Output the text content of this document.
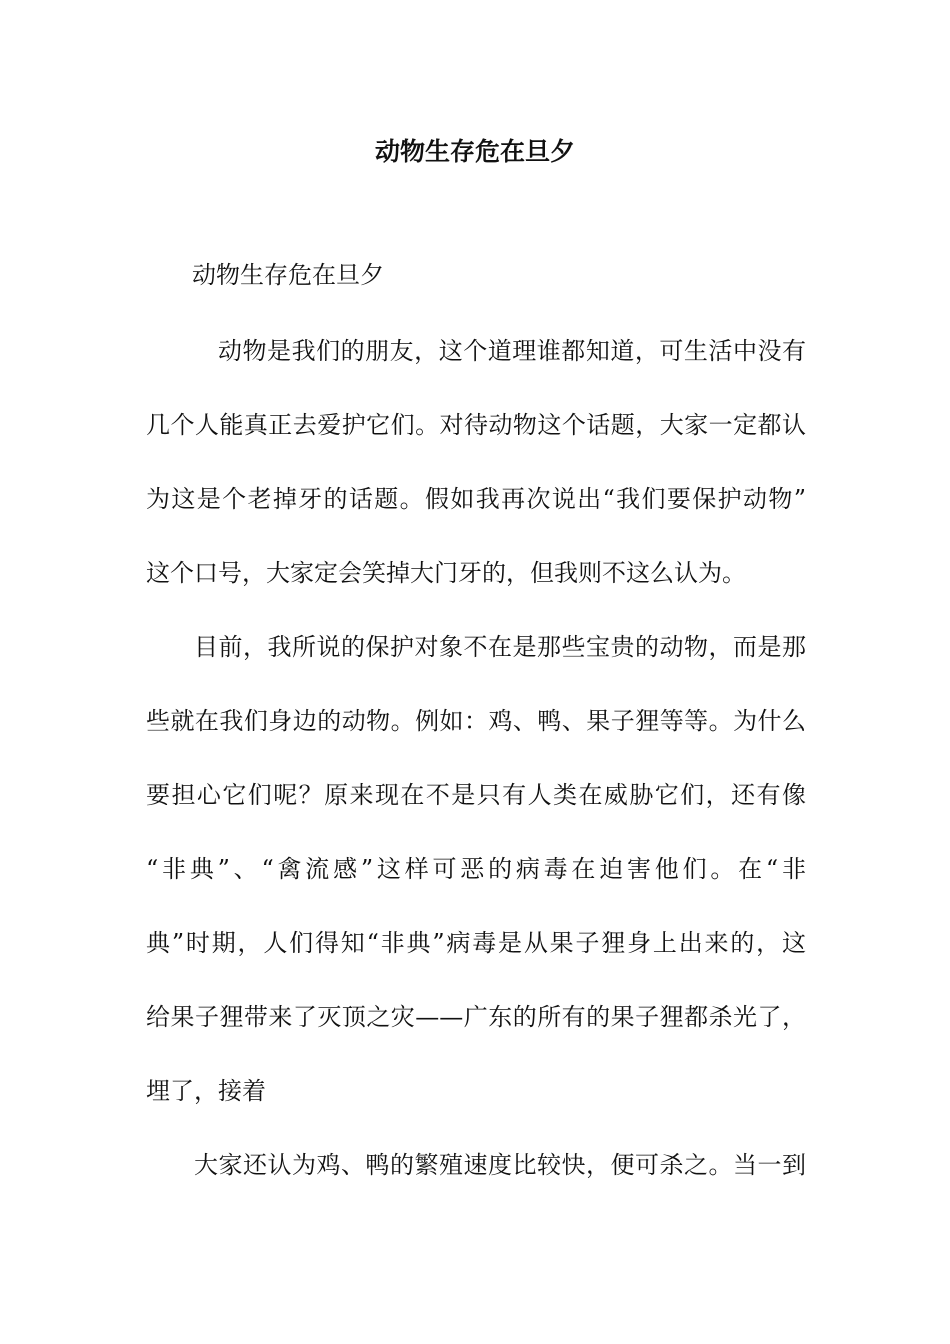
动物生存危在旦夕
动物生存危在旦夕
动物是我们的朋友，这个道理谁都知道，可生活中没有
几个人能真正去爱护它们。对待动物这个话题，大家一定都认
为这是个老掉牙的话题。假如我再次说出“我们要保护动物”
这个口号，大家定会笑掉大门牙的，但我则不这么认为。
目前，我所说的保护对象不在是那些宝贵的动物，而是那
些就在我们身边的动物。例如：鸡、鸭、果子狸等等。为什么
要担心它们呢？原来现在不是只有人类在威胁它们，还有像
“非典”、“禽流感”这样可恶的病毒在迫害他们。在“非
典”时期，人们得知“非典”病毒是从果子狸身上出来的，这
给果子狸带来了灭顶之灾——广东的所有的果子狸都杀光了，
埋了，接着
大家还认为鸡、鸭的繁殖速度比较快，便可杀之。当一到
